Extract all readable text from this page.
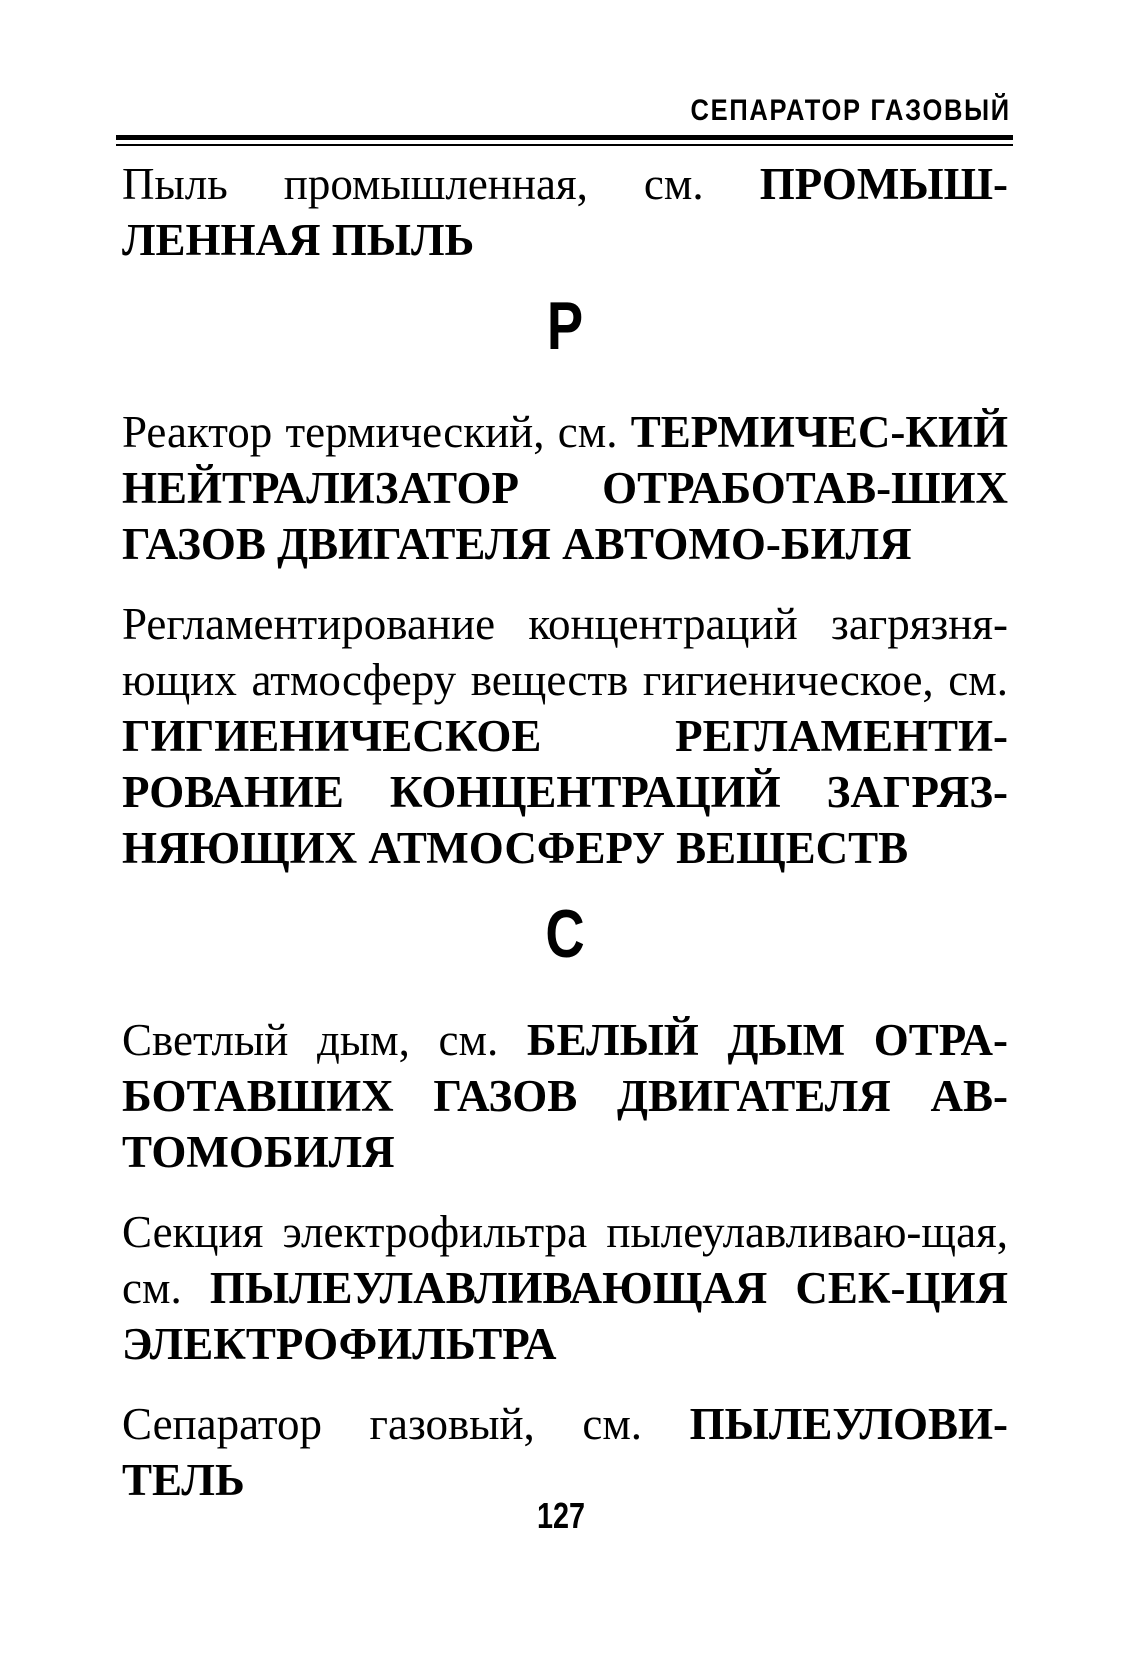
СЕПАРАТОР ГАЗОВЫЙ

Пыль промышленная, см. ПРОМЫШ-ЛЕННАЯ ПЫЛЬ

Р

Реактор термический, см. ТЕРМИЧЕС-КИЙ НЕЙТРАЛИЗАТОР ОТРАБОТАВ-ШИХ ГАЗОВ ДВИГАТЕЛЯ АВТОМО-БИЛЯ

Регламентирование концентраций загрязня-ющих атмосферу веществ гигиеническое, см. ГИГИЕНИЧЕСКОЕ РЕГЛАМЕНТИ-РОВАНИЕ КОНЦЕНТРАЦИЙ ЗАГРЯЗ-НЯЮЩИХ АТМОСФЕРУ ВЕЩЕСТВ

С

Светлый дым, см. БЕЛЫЙ ДЫМ ОТРА-БОТАВШИХ ГАЗОВ ДВИГАТЕЛЯ АВ-ТОМОБИЛЯ

Секция электрофильтра пылеулавливаю-щая, см. ПЫЛЕУЛАВЛИВАЮЩАЯ СЕК-ЦИЯ ЭЛЕКТРОФИЛЬТРА

Сепаратор газовый, см. ПЫЛЕУЛОВИ-ТЕЛЬ

127
